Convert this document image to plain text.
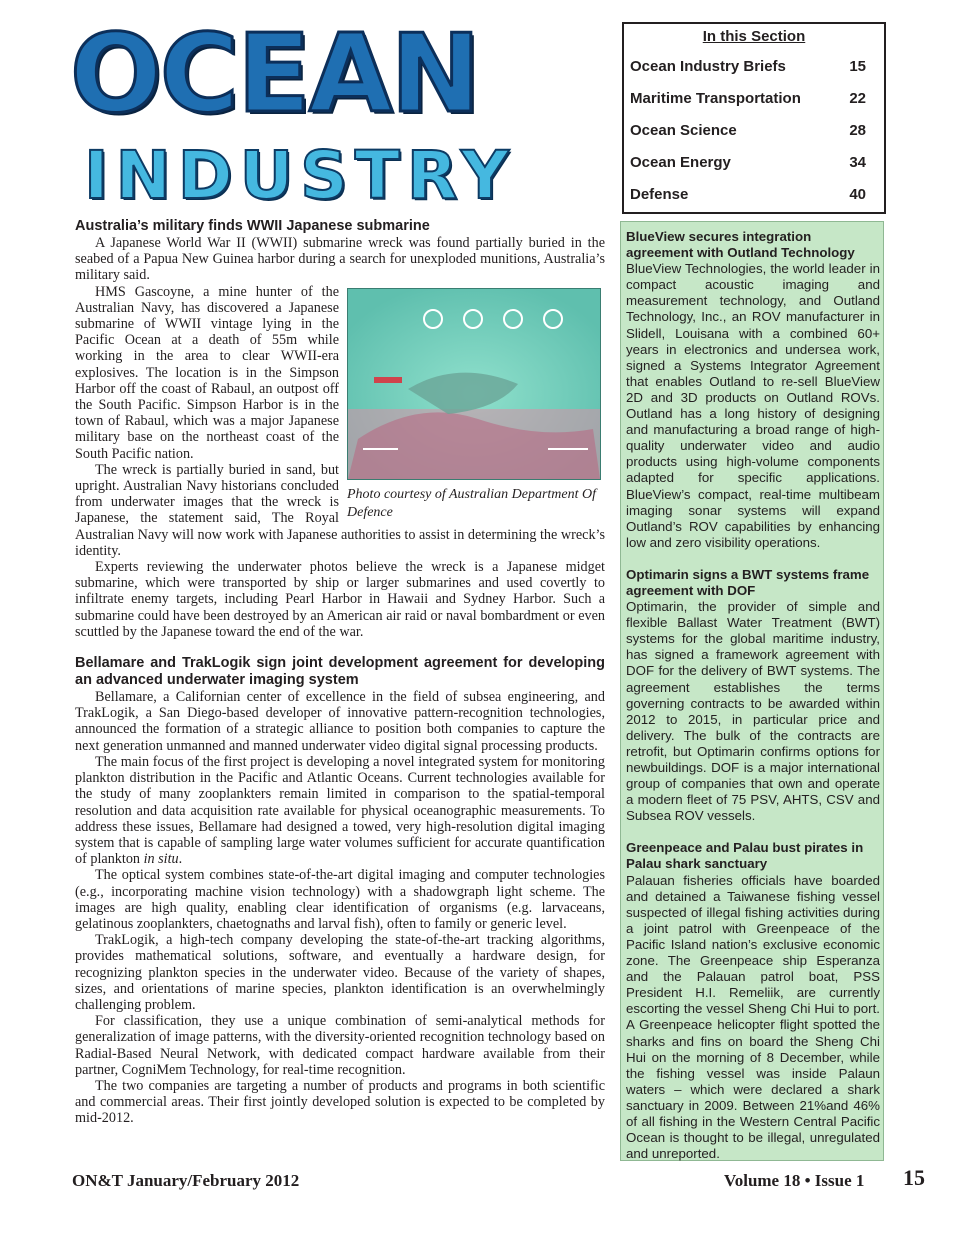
OCEAN
INDUSTRY
In this Section
Ocean Industry Briefs	15
Maritime Transportation	22
Ocean Science	28
Ocean Energy	34
Defense	40
Australia’s military finds WWII Japanese submarine

A Japanese World War II (WWII) submarine wreck was found partially buried in the seabed of a Papua New Guinea harbor during a search for unexploded munitions, Australia’s military said.

Photo courtesy of Australian Department Of Defence

HMS Gascoyne, a mine hunter of the Australian Navy, has discovered a Japanese submarine of WWII vintage lying in the Pacific Ocean at a death of 55m while working in the area to clear WWII-era explosives. The location is in the Simpson Harbor off the coast of Rabaul, an outpost off the South Pacific. Simpson Harbor is in the town of Rabaul, which was a major Japanese military base on the northeast coast of the South Pacific nation.

The wreck is partially buried in sand, but upright. Australian Navy historians concluded from underwater images that the wreck is Japanese, the statement said, The Royal Australian Navy will now work with Japanese authorities to assist in determining the wreck’s identity.

Experts reviewing the underwater photos believe the wreck is a Japanese midget submarine, which were transported by ship or larger submarines and used covertly to infiltrate enemy targets, including Pearl Harbor in Hawaii and Sydney Harbor. Such a submarine could have been destroyed by an American air raid or naval bombardment or even scuttled by the Japanese toward the end of the war.

Bellamare and TrakLogik sign joint development agreement for developing an advanced underwater imaging system

Bellamare, a Californian center of excellence in the field of subsea engineering, and TrakLogik, a San Diego-based developer of innovative pattern-recognition technologies, announced the formation of a strategic alliance to position both companies to capture the next generation unmanned and manned underwater video digital signal processing products.

The main focus of the first project is developing a novel integrated system for monitoring plankton distribution in the Pacific and Atlantic Oceans. Current technologies available for the study of many zooplankters remain limited in comparison to the spatial-temporal resolution and data acquisition rate available for physical oceanographic measurements. To address these issues, Bellamare had designed a towed, very high-resolution digital imaging system that is capable of sampling large water volumes sufficient for accurate quantification of plankton in situ.

The optical system combines state-of-the-art digital imaging and computer technologies (e.g., incorporating machine vision technology) with a shadowgraph light scheme. The images are high quality, enabling clear identification of organisms (e.g. larvaceans, gelatinous zooplankters, chaetognaths and larval fish), often to family or generic level.

TrakLogik, a high-tech company developing the state-of-the-art tracking algorithms, provides mathematical solutions, software, and eventually a hardware design, for recognizing plankton species in the underwater video. Because of the variety of shapes, sizes, and orientations of marine species, plankton identification is an overwhelmingly challenging problem.

For classification, they use a unique combination of semi-analytical methods for generalization of image patterns, with the diversity-oriented recognition technology based on Radial-Based Neural Network, with dedicated compact hardware available from their partner, CogniMem Technology, for real-time recognition.

The two companies are targeting a number of products and programs in both scientific and commercial areas. Their first jointly developed solution is expected to be completed by mid-2012.

BlueView secures integration agreement with Outland Technology

BlueView Technologies, the world leader in compact acoustic imaging and measurement technology, and Outland Technology, Inc., an ROV manufacturer in Slidell, Louisana with a combined 60+ years in electronics and undersea work, signed a Systems Integrator Agreement that enables Outland to re-sell BlueView 2D and 3D products on Outland ROVs. Outland has a long history of designing and manufacturing a broad range of high-quality underwater video and audio products using high-volume components adapted for specific applications. BlueView’s compact, real-time multibeam imaging sonar systems will expand Outland’s ROV capabilities by enhancing low and zero visibility operations.

Optimarin signs a BWT systems frame agreement with DOF

Optimarin, the provider of simple and flexible Ballast Water Treatment (BWT) systems for the global maritime industry, has signed a framework agreement with DOF for the delivery of BWT systems. The agreement establishes the terms governing contracts to be awarded within 2012 to 2015, in particular price and delivery. The bulk of the contracts are retrofit, but Optimarin confirms options for newbuildings. DOF is a major international group of companies that own and operate a modern fleet of 75 PSV, AHTS, CSV and Subsea ROV vessels.

Greenpeace and Palau bust pirates in Palau shark sanctuary

Palauan fisheries officials have boarded and detained a Taiwanese fishing vessel suspected of illegal fishing activities during a joint patrol with Greenpeace of the Pacific Island nation’s exclusive economic zone. The Greenpeace ship Esperanza and the Palauan patrol boat, PSS President H.I. Remeliik, are currently escorting the vessel Sheng Chi Hui to port. A Greenpeace helicopter flight spotted the sharks and fins on board the Sheng Chi Hui on the morning of 8 December, while the fishing vessel was inside Palaun waters – which were declared a shark sanctuary in 2009. Between 21%and 46% of all fishing in the Western Central Pacific Ocean is thought to be illegal, unregulated and unreported.

ON&T January/February 2012	Volume 18 • Issue 1 15
